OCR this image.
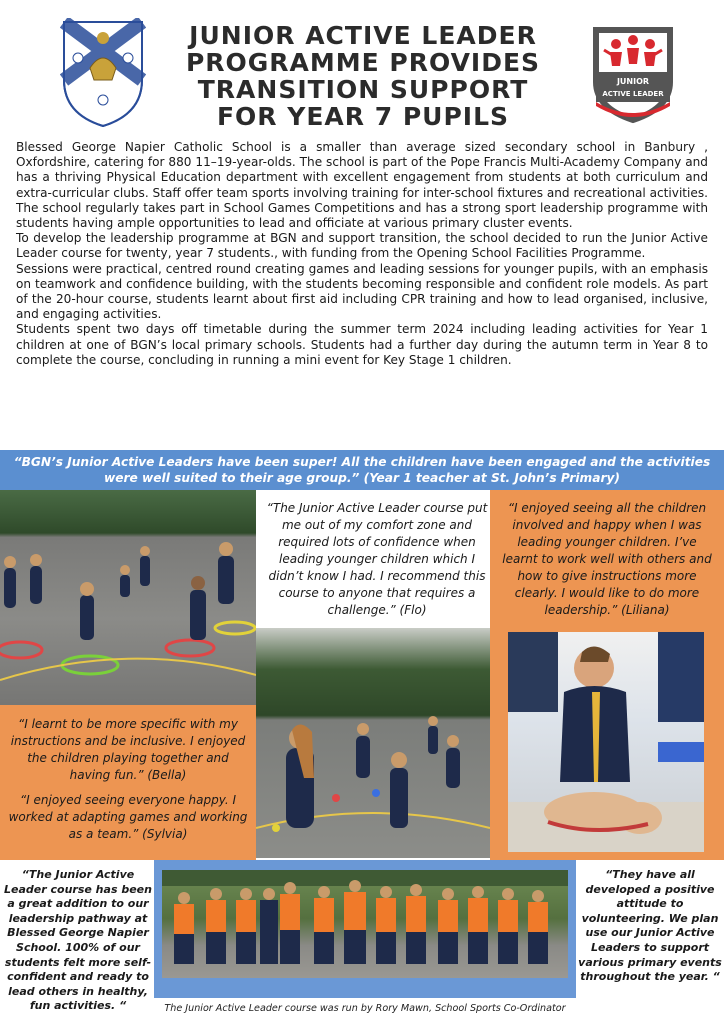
JUNIOR ACTIVE LEADER PROGRAMME PROVIDES TRANSITION SUPPORT FOR YEAR 7 PUPILS
JUNIOR
ACTIVE LEADER

Blessed George Napier Catholic School is a smaller than average sized secondary school in Banbury , Oxfordshire, catering for 880 11–19-year-olds. The school is part of the Pope Francis Multi-Academy Company and has a thriving Physical Education department with excellent engagement from students at both curriculum and extra-curricular clubs. Staff offer team sports involving training for inter-school fixtures and recreational activities. The school regularly takes part in School Games Competitions and has a strong sport leadership programme with students having ample opportunities to lead and officiate at various primary cluster events.

To develop the leadership programme at BGN and support transition, the school decided to run the Junior Active Leader course for twenty, year 7 students., with funding from the Opening School Facilities Programme.

Sessions were practical, centred round creating games and leading sessions for younger pupils, with an emphasis on teamwork and confidence building, with the students becoming responsible and confident role models. As part of the 20-hour course, students learnt about first aid including CPR training and how to lead organised, inclusive, and engaging activities.

Students spent two days off timetable during the summer term 2024 including leading activities for Year 1 children at one of BGN’s local primary schools. Students had a further day during the autumn term in Year 8 to complete the course, concluding in running a mini event for Key Stage 1 children.

“BGN’s Junior Active Leaders have been super! All the children have been engaged and the activities were well suited to their age group.” (Year 1 teacher at St. John’s Primary)
“The Junior Active Leader course put me out of my comfort zone and required lots of confidence when leading younger children which I didn’t know I had. I recommend this course to anyone that requires a challenge.” (Flo)
“I enjoyed seeing all the children involved and happy when I was leading younger children. I’ve learnt to work well with others and how to give instructions more clearly. I would like to do more leadership.” (Liliana)
“I learnt to be more specific with my instructions and be inclusive. I enjoyed the children playing together and having fun.” (Bella)
“I enjoyed seeing everyone happy. I worked at adapting games and working as a team.” (Sylvia)
“The Junior Active Leader course has been a great addition to our leadership pathway at Blessed George Napier School. 100% of our students felt more self-confident and ready to lead others in healthy, fun activities. “
“They have all developed a positive attitude to volunteering. We plan use our Junior Active Leaders to support various primary events throughout the year. “
The Junior Active Leader course was run by Rory Mawn, School Sports Co-Ordinator
